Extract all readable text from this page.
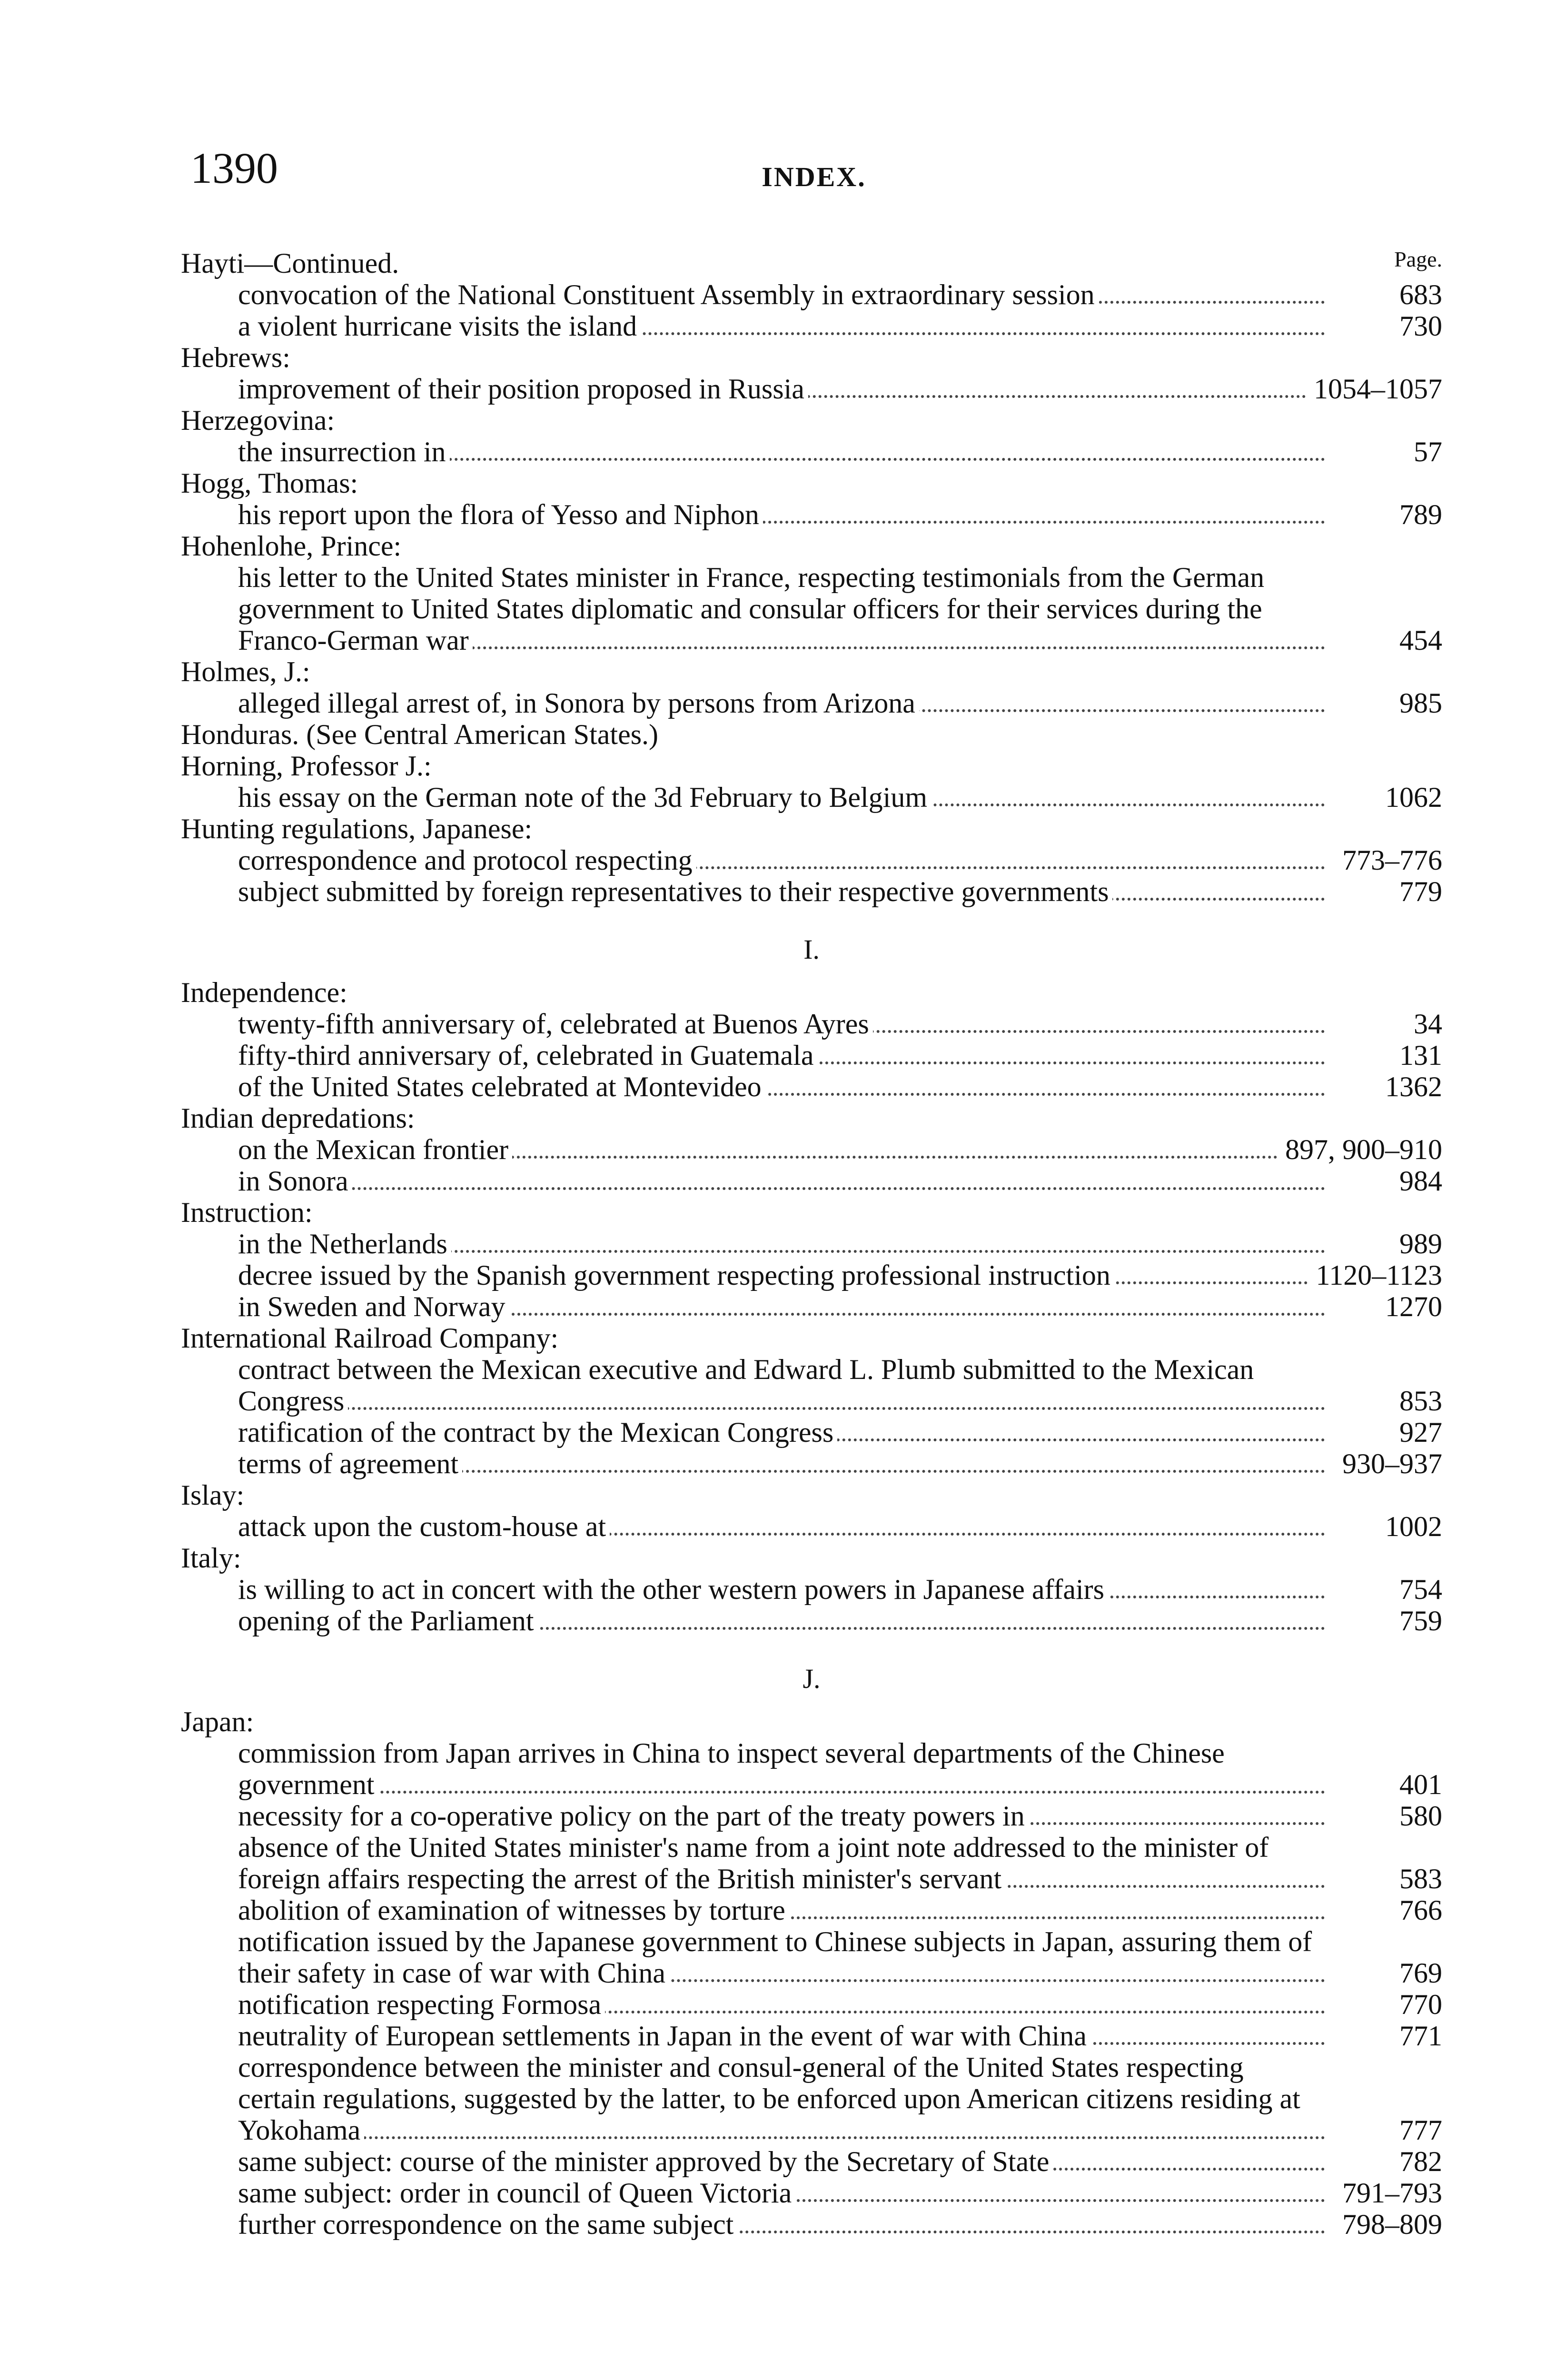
1390	INDEX.
Page.
Hayti—Continued.
convocation of the National Constituent Assembly in extraordinary session	683
a violent hurricane visits the island	730
Hebrews:
improvement of their position proposed in Russia	1054–1057
Herzegovina:
the insurrection in	57
Hogg, Thomas:
his report upon the flora of Yesso and Niphon	789
Hohenlohe, Prince:
his letter to the United States minister in France, respecting testimonials from the German government to United States diplomatic and consular officers for their services during the Franco-German war	454
Holmes, J.:
alleged illegal arrest of, in Sonora by persons from Arizona	985
Honduras. (See Central American States.)
Horning, Professor J.:
his essay on the German note of the 3d February to Belgium	1062
Hunting regulations, Japanese:
correspondence and protocol respecting	773–776
subject submitted by foreign representatives to their respective governments	779
I.
Independence:
twenty-fifth anniversary of, celebrated at Buenos Ayres	34
fifty-third anniversary of, celebrated in Guatemala	131
of the United States celebrated at Montevideo	1362
Indian depredations:
on the Mexican frontier	897, 900–910
in Sonora	984
Instruction:
in the Netherlands	989
decree issued by the Spanish government respecting professional instruction	1120–1123
in Sweden and Norway	1270
International Railroad Company:
contract between the Mexican executive and Edward L. Plumb submitted to the Mexican Congress	853
ratification of the contract by the Mexican Congress	927
terms of agreement	930–937
Islay:
attack upon the custom-house at	1002
Italy:
is willing to act in concert with the other western powers in Japanese affairs	754
opening of the Parliament	759
J.
Japan:
commission from Japan arrives in China to inspect several departments of the Chinese government	401
necessity for a co-operative policy on the part of the treaty powers in	580
absence of the United States minister's name from a joint note addressed to the minister of foreign affairs respecting the arrest of the British minister's servant	583
abolition of examination of witnesses by torture	766
notification issued by the Japanese government to Chinese subjects in Japan, assuring them of their safety in case of war with China	769
notification respecting Formosa	770
neutrality of European settlements in Japan in the event of war with China	771
correspondence between the minister and consul-general of the United States respecting certain regulations, suggested by the latter, to be enforced upon American citizens residing at Yokohama	777
same subject: course of the minister approved by the Secretary of State	782
same subject: order in council of Queen Victoria	791–793
further correspondence on the same subject	798–809
